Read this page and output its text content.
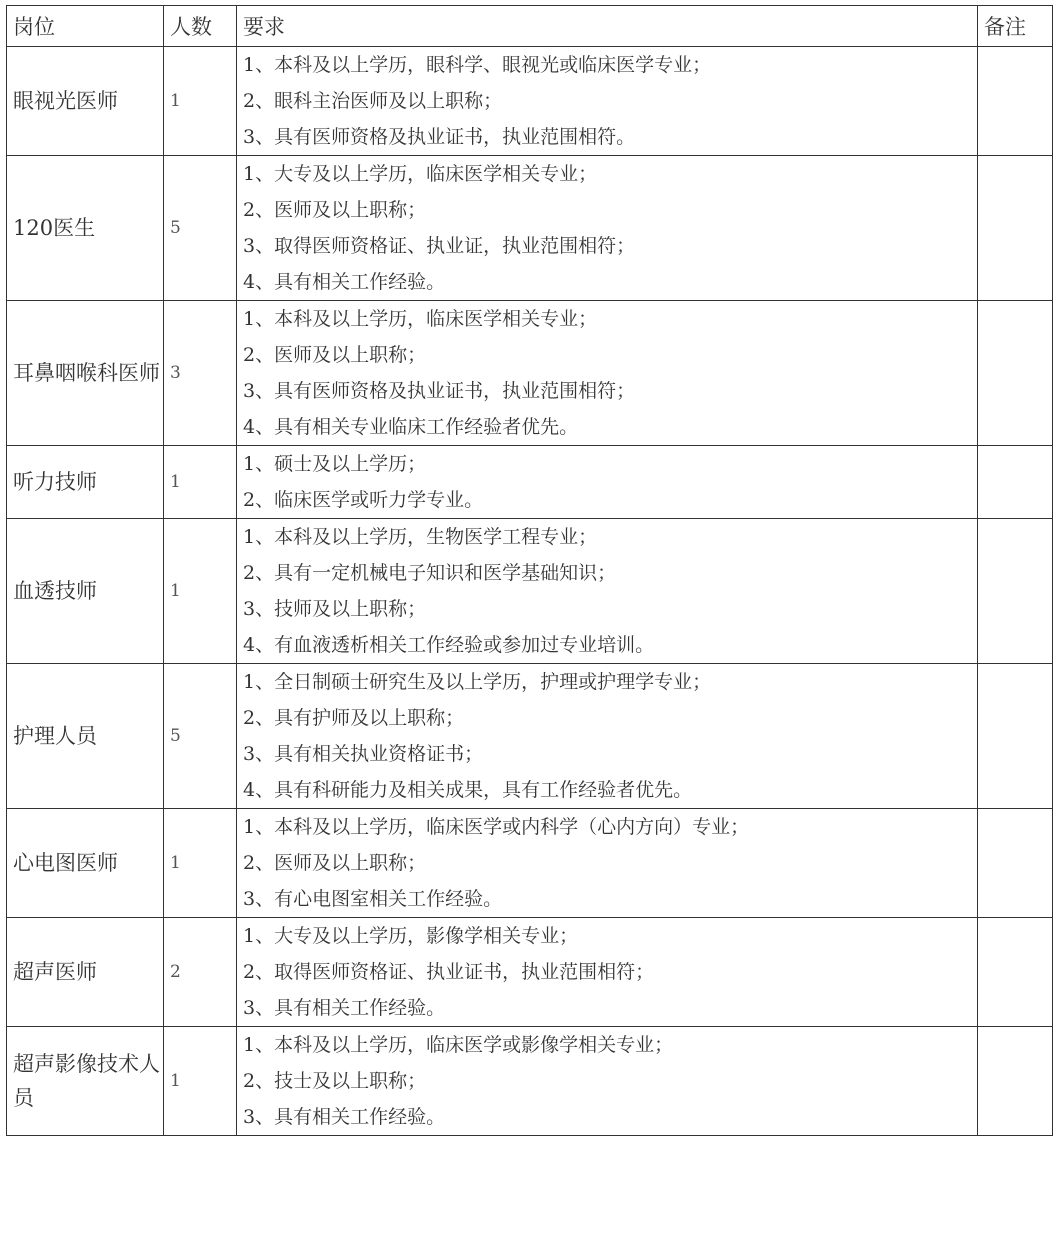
岗位	人数	要求	备注
眼视光医师	1	1、本科及以上学历，眼科学、眼视光或临床医学专业；
2、眼科主治医师及以上职称；
3、具有医师资格及执业证书，执业范围相符。	

120医生	5	1、大专及以上学历，临床医学相关专业；
2、医师及以上职称；
3、取得医师资格证、执业证，执业范围相符；
4、具有相关工作经验。	

耳鼻咽喉科医师	3	1、本科及以上学历，临床医学相关专业；
2、医师及以上职称；
3、具有医师资格及执业证书，执业范围相符；
4、具有相关专业临床工作经验者优先。	

听力技师	1	1、硕士及以上学历；
2、临床医学或听力学专业。	

血透技师	1	1、本科及以上学历，生物医学工程专业；
2、具有一定机械电子知识和医学基础知识；
3、技师及以上职称；
4、有血液透析相关工作经验或参加过专业培训。	

护理人员	5	1、全日制硕士研究生及以上学历，护理或护理学专业；
2、具有护师及以上职称；
3、具有相关执业资格证书；
4、具有科研能力及相关成果，具有工作经验者优先。	

心电图医师	1	1、本科及以上学历，临床医学或内科学（心内方向）专业；
2、医师及以上职称；
3、有心电图室相关工作经验。	

超声医师	2	1、大专及以上学历，影像学相关专业；
2、取得医师资格证、执业证书，执业范围相符；
3、具有相关工作经验。	

超声影像技术人员	1	1、本科及以上学历，临床医学或影像学相关专业；
2、技士及以上职称；
3、具有相关工作经验。	
